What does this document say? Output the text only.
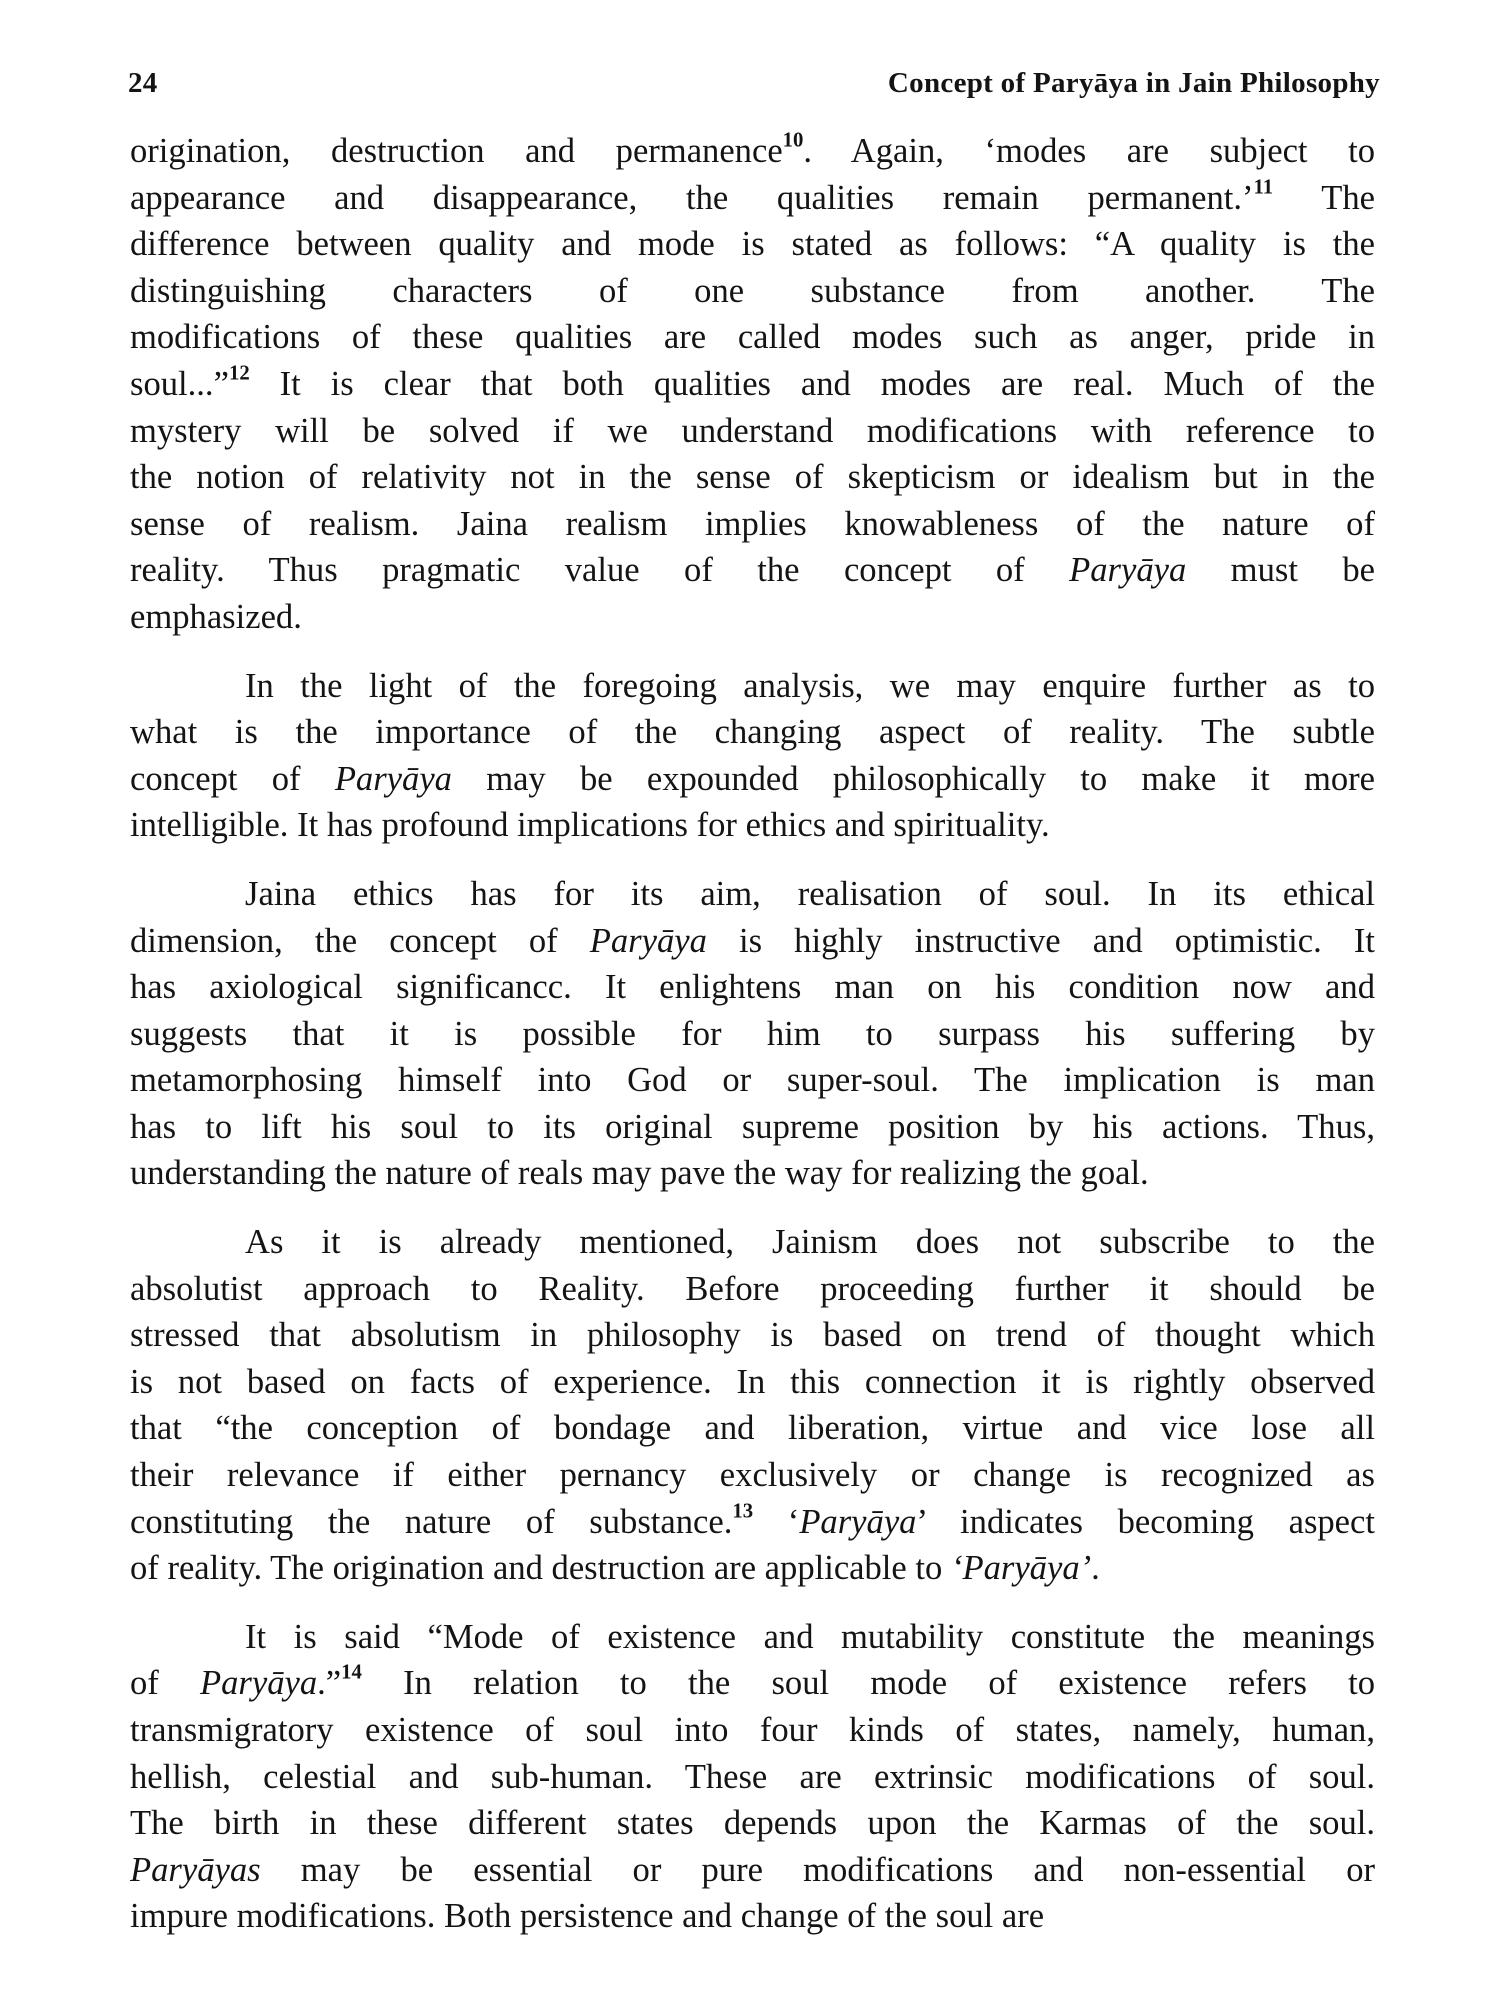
24	Concept of Paryāya in Jain Philosophy
origination, destruction and permanence$^{10}$. Again, ‘modes are subject to
appearance and disappearance, the qualities remain permanent.’$^{11}$ The
difference between quality and mode is stated as follows: “A quality is the
distinguishing characters of one substance from another. The
modifications of these qualities are called modes such as anger, pride in
soul...”$^{12}$ It is clear that both qualities and modes are real. Much of the
mystery will be solved if we understand modifications with reference to
the notion of relativity not in the sense of skepticism or idealism but in the
sense of realism. Jaina realism implies knowableness of the nature of
reality. Thus pragmatic value of the concept of Paryāya must be
emphasized.
In the light of the foregoing analysis, we may enquire further as to
what is the importance of the changing aspect of reality. The subtle
concept of Paryāya may be expounded philosophically to make it more
intelligible. It has profound implications for ethics and spirituality.
Jaina ethics has for its aim, realisation of soul. In its ethical
dimension, the concept of Paryāya is highly instructive and optimistic. It
has axiological significancc. It enlightens man on his condition now and
suggests that it is possible for him to surpass his suffering by
metamorphosing himself into God or super-soul. The implication is man
has to lift his soul to its original supreme position by his actions. Thus,
understanding the nature of reals may pave the way for realizing the goal.
As it is already mentioned, Jainism does not subscribe to the
absolutist approach to Reality. Before proceeding further it should be
stressed that absolutism in philosophy is based on trend of thought which
is not based on facts of experience. In this connection it is rightly observed
that “the conception of bondage and liberation, virtue and vice lose all
their relevance if either pernancy exclusively or change is recognized as
constituting the nature of substance.$^{13}$ ‘Paryāya’ indicates becoming aspect
of reality. The origination and destruction are applicable to ‘Paryāya’.
It is said “Mode of existence and mutability constitute the meanings
of Paryāya.”$^{14}$ In relation to the soul mode of existence refers to
transmigratory existence of soul into four kinds of states, namely, human,
hellish, celestial and sub-human. These are extrinsic modifications of soul.
The birth in these different states depends upon the Karmas of the soul.
Paryāyas may be essential or pure modifications and non-essential or
impure modifications. Both persistence and change of the soul are
